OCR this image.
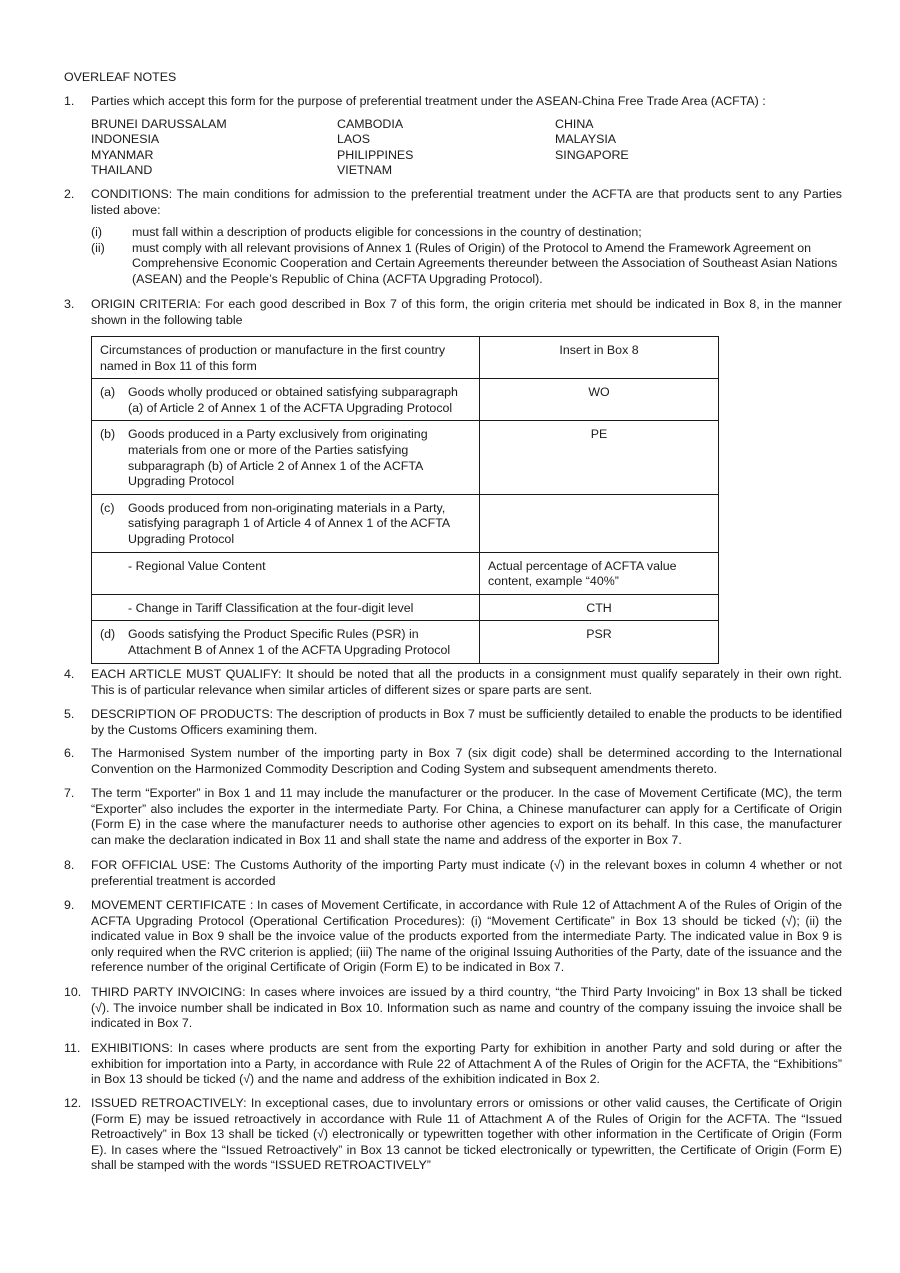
OVERLEAF NOTES
1. Parties which accept this form for the purpose of preferential treatment under the ASEAN-China Free Trade Area (ACFTA) :
BRUNEI DARUSSALAM	CAMBODIA	CHINA
INDONESIA	LAOS	MALAYSIA
MYANMAR	PHILIPPINES	SINGAPORE
THAILAND	VIETNAM
2. CONDITIONS: The main conditions for admission to the preferential treatment under the ACFTA are that products sent to any Parties listed above:
(i)	must fall within a description of products eligible for concessions in the country of destination;
(ii)	must comply with all relevant provisions of Annex 1 (Rules of Origin) of the Protocol to Amend the Framework Agreement on Comprehensive Economic Cooperation and Certain Agreements thereunder between the Association of Southeast Asian Nations (ASEAN) and the People’s Republic of China (ACFTA Upgrading Protocol).
3. ORIGIN CRITERIA: For each good described in Box 7 of this form, the origin criteria met should be indicated in Box 8, in the manner shown in the following table
Circumstances of production or manufacture in the first country named in Box 11 of this form	Insert in Box 8

(a) Goods wholly produced or obtained satisfying subparagraph (a) of Article 2 of Annex 1 of the ACFTA Upgrading Protocol	WO

(b) Goods produced in a Party exclusively from originating materials from one or more of the Parties satisfying subparagraph (b) of Article 2 of Annex 1 of the ACFTA Upgrading Protocol	PE

(c) Goods produced from non-originating materials in a Party, satisfying paragraph 1 of Article 4 of Annex 1 of the ACFTA Upgrading Protocol	

- Regional Value Content	Actual percentage of ACFTA value content, example “40%”

- Change in Tariff Classification at the four-digit level	CTH

(d) Goods satisfying the Product Specific Rules (PSR) in Attachment B of Annex 1 of the ACFTA Upgrading Protocol	PSR
4. EACH ARTICLE MUST QUALIFY: It should be noted that all the products in a consignment must qualify separately in their own right. This is of particular relevance when similar articles of different sizes or spare parts are sent.
5. DESCRIPTION OF PRODUCTS: The description of products in Box 7 must be sufficiently detailed to enable the products to be identified by the Customs Officers examining them.
6. The Harmonised System number of the importing party in Box 7 (six digit code) shall be determined according to the International Convention on the Harmonized Commodity Description and Coding System and subsequent amendments thereto.
7. The term “Exporter” in Box 1 and 11 may include the manufacturer or the producer. In the case of Movement Certificate (MC), the term “Exporter” also includes the exporter in the intermediate Party. For China, a Chinese manufacturer can apply for a Certificate of Origin (Form E) in the case where the manufacturer needs to authorise other agencies to export on its behalf. In this case, the manufacturer can make the declaration indicated in Box 11 and shall state the name and address of the exporter in Box 7.
8. FOR OFFICIAL USE: The Customs Authority of the importing Party must indicate (√) in the relevant boxes in column 4 whether or not preferential treatment is accorded
9. MOVEMENT CERTIFICATE : In cases of Movement Certificate, in accordance with Rule 12 of Attachment A of the Rules of Origin of the ACFTA Upgrading Protocol (Operational Certification Procedures): (i) “Movement Certificate” in Box 13 should be ticked (√); (ii) the indicated value in Box 9 shall be the invoice value of the products exported from the intermediate Party. The indicated value in Box 9 is only required when the RVC criterion is applied; (iii) The name of the original Issuing Authorities of the Party, date of the issuance and the reference number of the original Certificate of Origin (Form E) to be indicated in Box 7.
10. THIRD PARTY INVOICING: In cases where invoices are issued by a third country, “the Third Party Invoicing” in Box 13 shall be ticked (√). The invoice number shall be indicated in Box 10. Information such as name and country of the company issuing the invoice shall be indicated in Box 7.
11. EXHIBITIONS: In cases where products are sent from the exporting Party for exhibition in another Party and sold during or after the exhibition for importation into a Party, in accordance with Rule 22 of Attachment A of the Rules of Origin for the ACFTA, the “Exhibitions” in Box 13 should be ticked (√) and the name and address of the exhibition indicated in Box 2.
12. ISSUED RETROACTIVELY: In exceptional cases, due to involuntary errors or omissions or other valid causes, the Certificate of Origin (Form E) may be issued retroactively in accordance with Rule 11 of Attachment A of the Rules of Origin for the ACFTA. The “Issued Retroactively” in Box 13 shall be ticked (√) electronically or typewritten together with other information in the Certificate of Origin (Form E). In cases where the “Issued Retroactively” in Box 13 cannot be ticked electronically or typewritten, the Certificate of Origin (Form E) shall be stamped with the words “ISSUED RETROACTIVELY”
